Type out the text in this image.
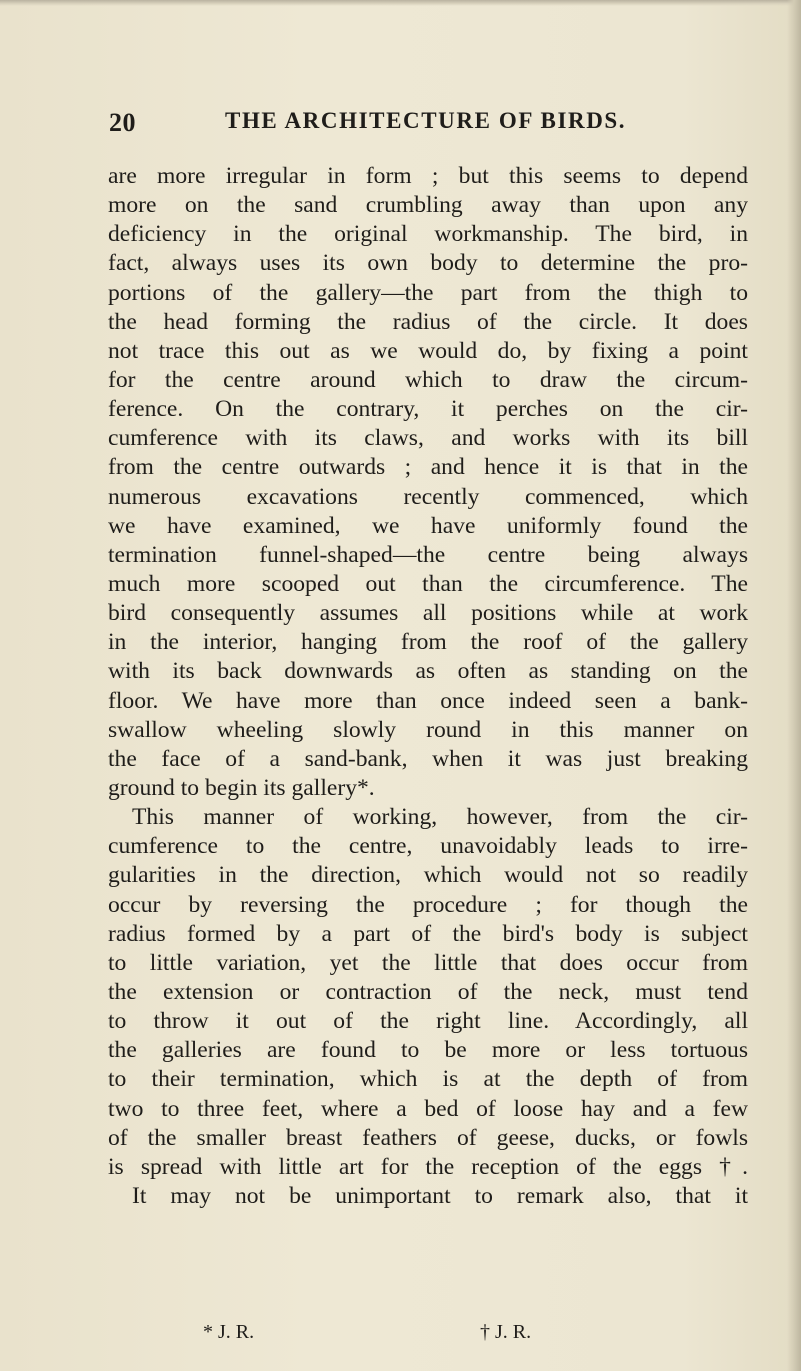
20	THE ARCHITECTURE OF BIRDS.
are more irregular in form ; but this seems to depend
more on the sand crumbling away than upon any
deficiency in the original workmanship. The bird, in
fact, always uses its own body to determine the pro-
portions of the gallery—the part from the thigh to
the head forming the radius of the circle. It does
not trace this out as we would do, by fixing a point
for the centre around which to draw the circum-
ference. On the contrary, it perches on the cir-
cumference with its claws, and works with its bill
from the centre outwards ; and hence it is that in the
numerous excavations recently commenced, which
we have examined, we have uniformly found the
termination funnel-shaped—the centre being always
much more scooped out than the circumference. The
bird consequently assumes all positions while at work
in the interior, hanging from the roof of the gallery
with its back downwards as often as standing on the
floor. We have more than once indeed seen a bank-
swallow wheeling slowly round in this manner on
the face of a sand-bank, when it was just breaking
ground to begin its gallery*.
This manner of working, however, from the cir-
cumference to the centre, unavoidably leads to irre-
gularities in the direction, which would not so readily
occur by reversing the procedure ; for though the
radius formed by a part of the bird's body is subject
to little variation, yet the little that does occur from
the extension or contraction of the neck, must tend
to throw it out of the right line. Accordingly, all
the galleries are found to be more or less tortuous
to their termination, which is at the depth of from
two to three feet, where a bed of loose hay and a few
of the smaller breast feathers of geese, ducks, or fowls
is spread with little art for the reception of the eggs †.
It may not be unimportant to remark also, that it
* J. R.	† J. R.
